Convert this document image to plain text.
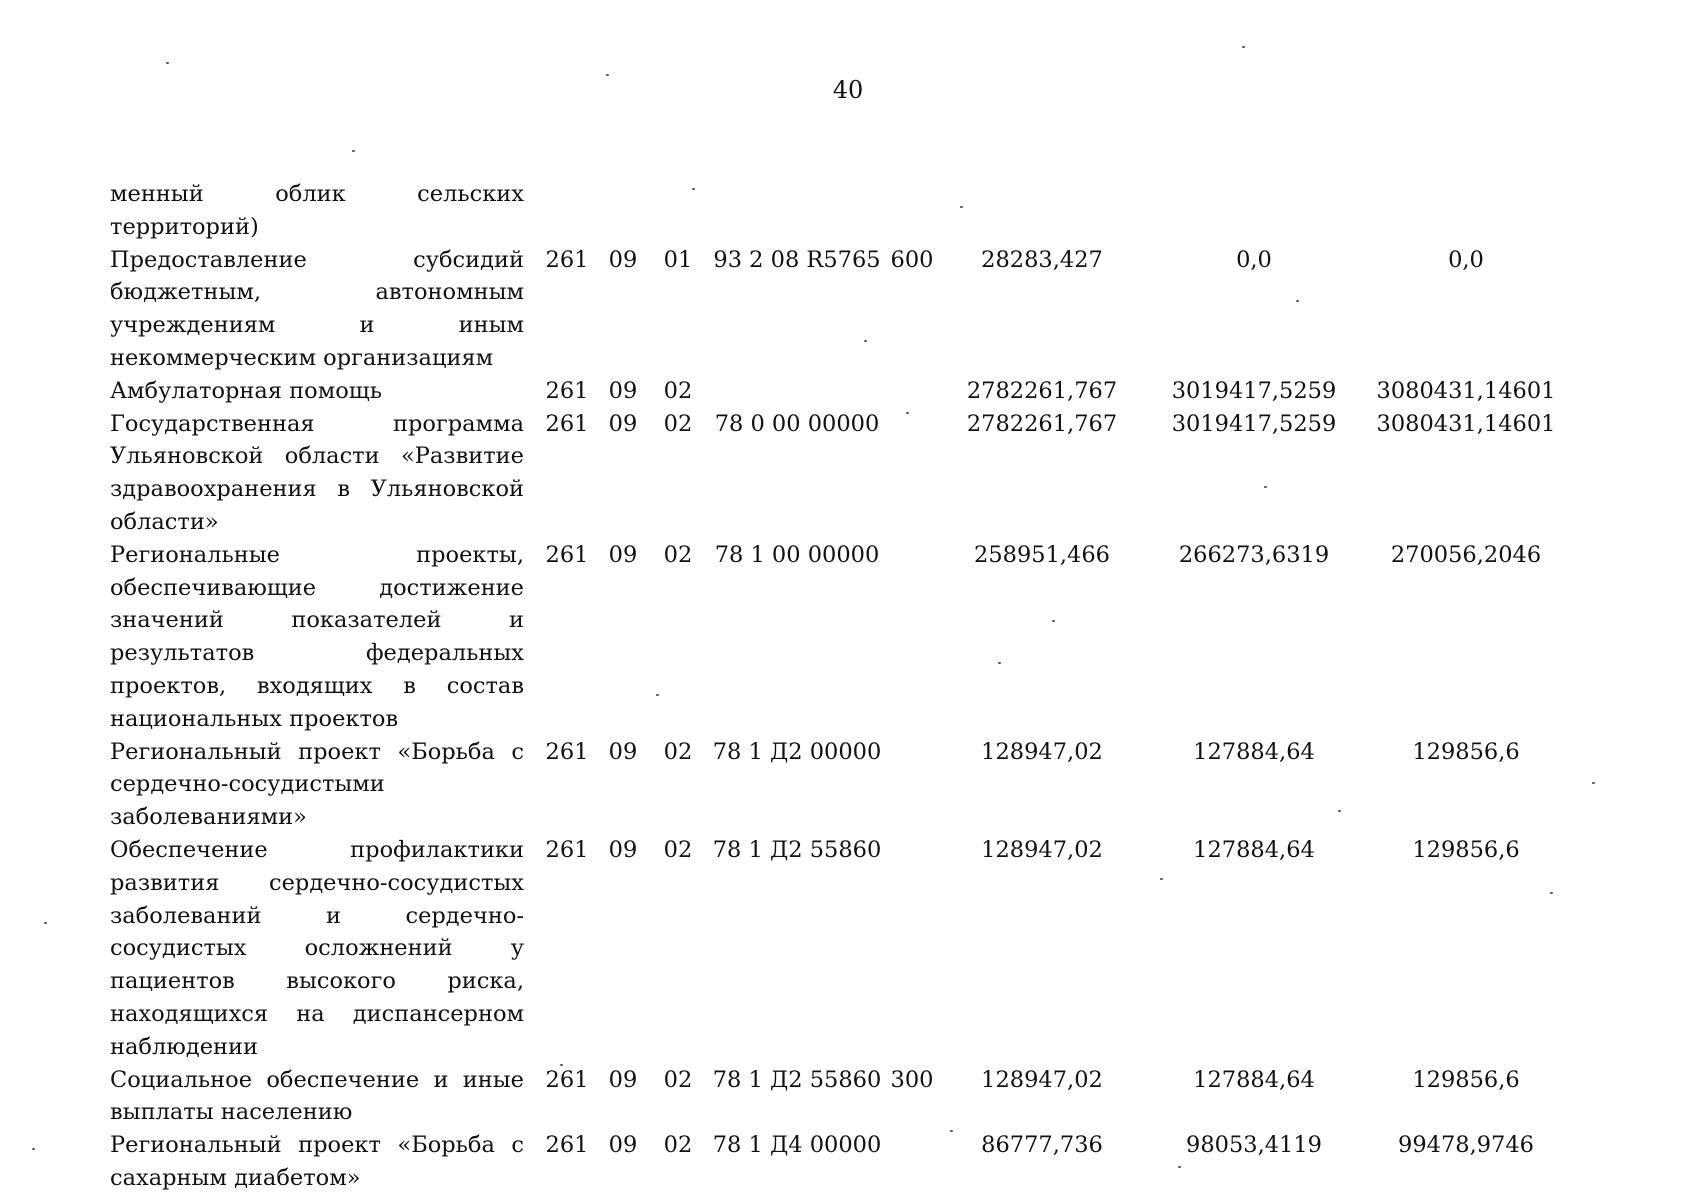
40
менный облик сельских территорий)								
Предоставление субсидий бюджетным, автономным учреждениям и иным некоммерческим организациям	261	09	01	93 2 08 R5765	600	28283,427	0,0	0,0
Амбулаторная помощь	261	09	02			2782261,767	3019417,5259	3080431,14601
Государственная программа Ульяновской области «Развитие здравоохранения в Ульяновской области»	261	09	02	78 0 00 00000		2782261,767	3019417,5259	3080431,14601
Региональные проекты, обеспечивающие достижение значений показателей и результатов федеральных проектов, входящих в состав национальных проектов	261	09	02	78 1 00 00000		258951,466	266273,6319	270056,2046
Региональный проект «Борьба с сердечно-сосудистыми заболеваниями»	261	09	02	78 1 Д2 00000		128947,02	127884,64	129856,6
Обеспечение профилактики развития сердечно-сосудистых заболеваний и сердечно-сосудистых осложнений у пациентов высокого риска, находящихся на диспансерном наблюдении	261	09	02	78 1 Д2 55860		128947,02	127884,64	129856,6
Социальное обеспечение и иные выплаты населению	261	09	02	78 1 Д2 55860	300	128947,02	127884,64	129856,6
Региональный проект «Борьба с сахарным диабетом»	261	09	02	78 1 Д4 00000		86777,736	98053,4119	99478,9746
